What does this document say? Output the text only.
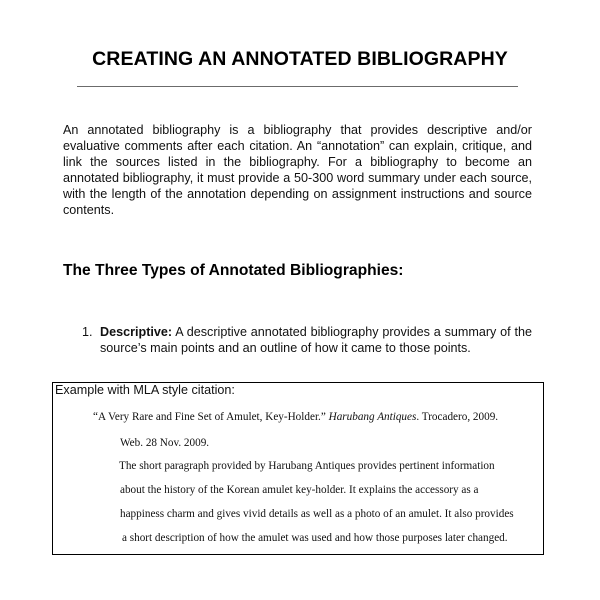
CREATING AN ANNOTATED BIBLIOGRAPHY

An annotated bibliography is a bibliography that provides descriptive and/or evaluative comments after each citation. An “annotation” can explain, critique, and link the sources listed in the bibliography. For a bibliography to become an annotated bibliography, it must provide a 50-300 word summary under each source, with the length of the annotation depending on assignment instructions and source contents.

The Three Types of Annotated Bibliographies:
1. Descriptive: A descriptive annotated bibliography provides a summary of the source’s main points and an outline of how it came to those points.
Example with MLA style citation:
“A Very Rare and Fine Set of Amulet, Key-Holder.” Harubang Antiques. Trocadero, 2009.
Web. 28 Nov. 2009.
The short paragraph provided by Harubang Antiques provides pertinent information
about the history of the Korean amulet key-holder. It explains the accessory as a
happiness charm and gives vivid details as well as a photo of an amulet. It also provides
a short description of how the amulet was used and how those purposes later changed.
